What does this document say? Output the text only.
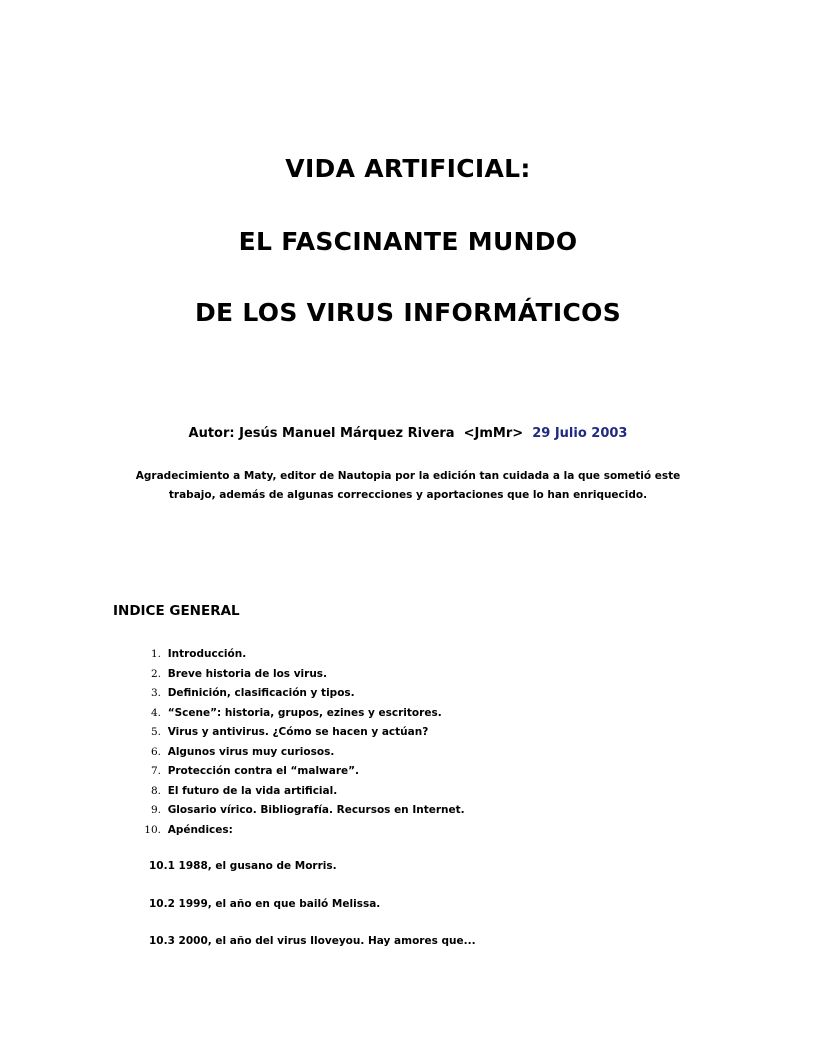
VIDA ARTIFICIAL:
EL FASCINANTE MUNDO
DE LOS VIRUS INFORMÁTICOS
Autor: Jesús Manuel Márquez Rivera  <JmMr>  29 Julio 2003

Agradecimiento a Maty, editor de Nautopia por la edición tan cuidada a la que sometió este
trabajo, además de algunas correcciones y aportaciones que lo han enriquecido.

INDICE GENERAL
1. Introducción.
2. Breve historia de los virus.
3. Definición, clasificación y tipos.
4. “Scene”: historia, grupos, ezines y escritores.
5. Virus y antivirus. ¿Cómo se hacen y actúan?
6. Algunos virus muy curiosos.
7. Protección contra el “malware”.
8. El futuro de la vida artificial.
9. Glosario vírico. Bibliografía. Recursos en Internet.
10. Apéndices:

10.1 1988, el gusano de Morris.

10.2 1999, el año en que bailó Melissa.

10.3 2000, el año del virus Iloveyou. Hay amores que...
